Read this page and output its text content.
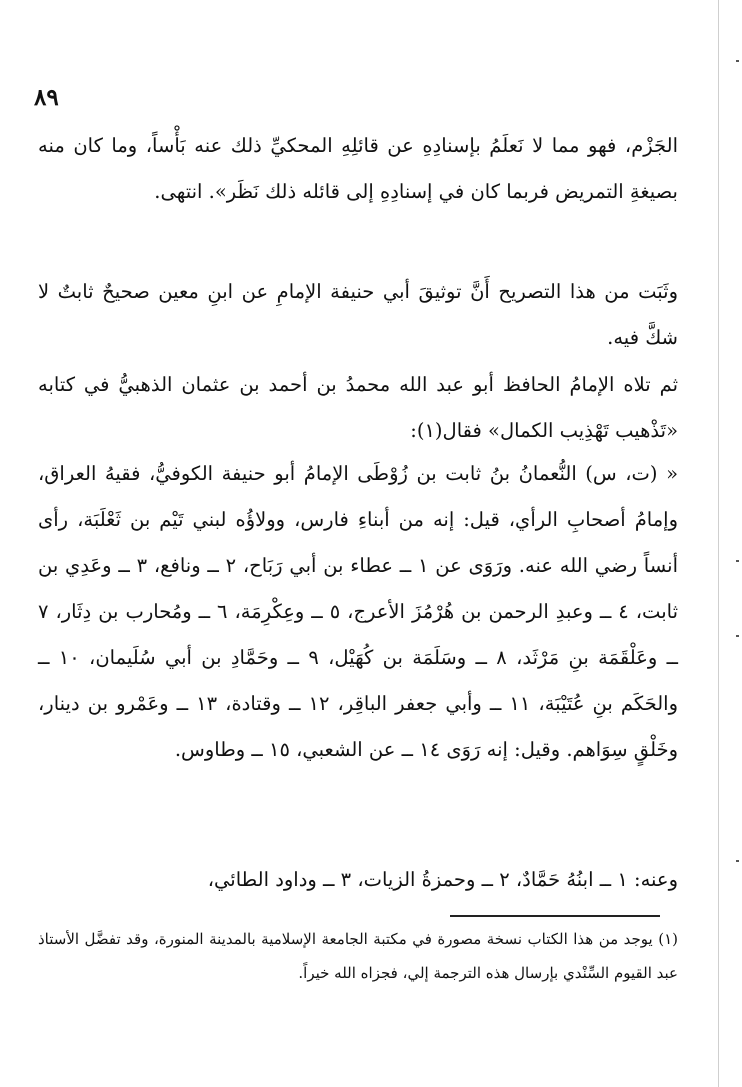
٨٩

الجَزْم، فهو مما لا نَعلَمُ بإسنادِهِ عن قائلِهِ المحكيِّ ذلك عنه بَأْساً، وما كان منه بصيغةِ التمريض فربما كان في إسنادِهِ إلى قائله ذلك نَظَر». انتهى.

وثَبَت من هذا التصريح أَنَّ توثيقَ أبي حنيفة الإمامِ عن ابنِ معين صحيحٌ ثابتٌ لا شكَّ فيه.

ثم تلاه الإمامُ الحافظ أبو عبد الله محمدُ بن أحمد بن عثمان الذهبيُّ في كتابه «تَذْهيب تَهْذِيب الكمال» فقال(١):

« (ت، س) النُّعمانُ بنُ ثابت بن زُوْطَى الإمامُ أبو حنيفة الكوفيُّ، فقيهُ العراق، وإمامُ أصحابِ الرأي، قيل: إنه من أبناءِ فارس، وولاؤُه لبني تَيْم بن ثَعْلَبَة، رأى أنساً رضي الله عنه. ورَوَى عن ١ ــ عطاء بن أبي رَبَاح، ٢ ــ ونافع، ٣ ــ وعَدِي بن ثابت، ٤ ــ وعبدِ الرحمن بن هُرْمُزَ الأعرج، ٥ ــ وعِكْرِمَة، ٦ ــ ومُحارب بن دِثَار، ٧ ــ وعَلْقَمَة بنِ مَرْثَد، ٨ ــ وسَلَمَة بن كُهَيْل، ٩ ــ وحَمَّادِ بن أبي سُلَيمان، ١٠ ــ والحَكَم بنِ عُتَيْبَة، ١١ ــ وأبي جعفر الباقِر، ١٢ ــ وقتادة، ١٣ ــ وعَمْرو بن دينار، وخَلْقٍ سِوَاهم. وقيل: إنه رَوَى ١٤ ــ عن الشعبي، ١٥ ــ وطاوس.

وعنه: ١ ــ ابنُهُ حَمَّادٌ، ٢ ــ وحمزةُ الزيات، ٣ ــ وداود الطائي،

(١) يوجد من هذا الكتاب نسخة مصورة في مكتبة الجامعة الإسلامية بالمدينة المنورة، وقد تفضَّل الأستاذ عبد القيوم السِّنْدي بإرسال هذه الترجمة إلي، فجزاه الله خيراً.
